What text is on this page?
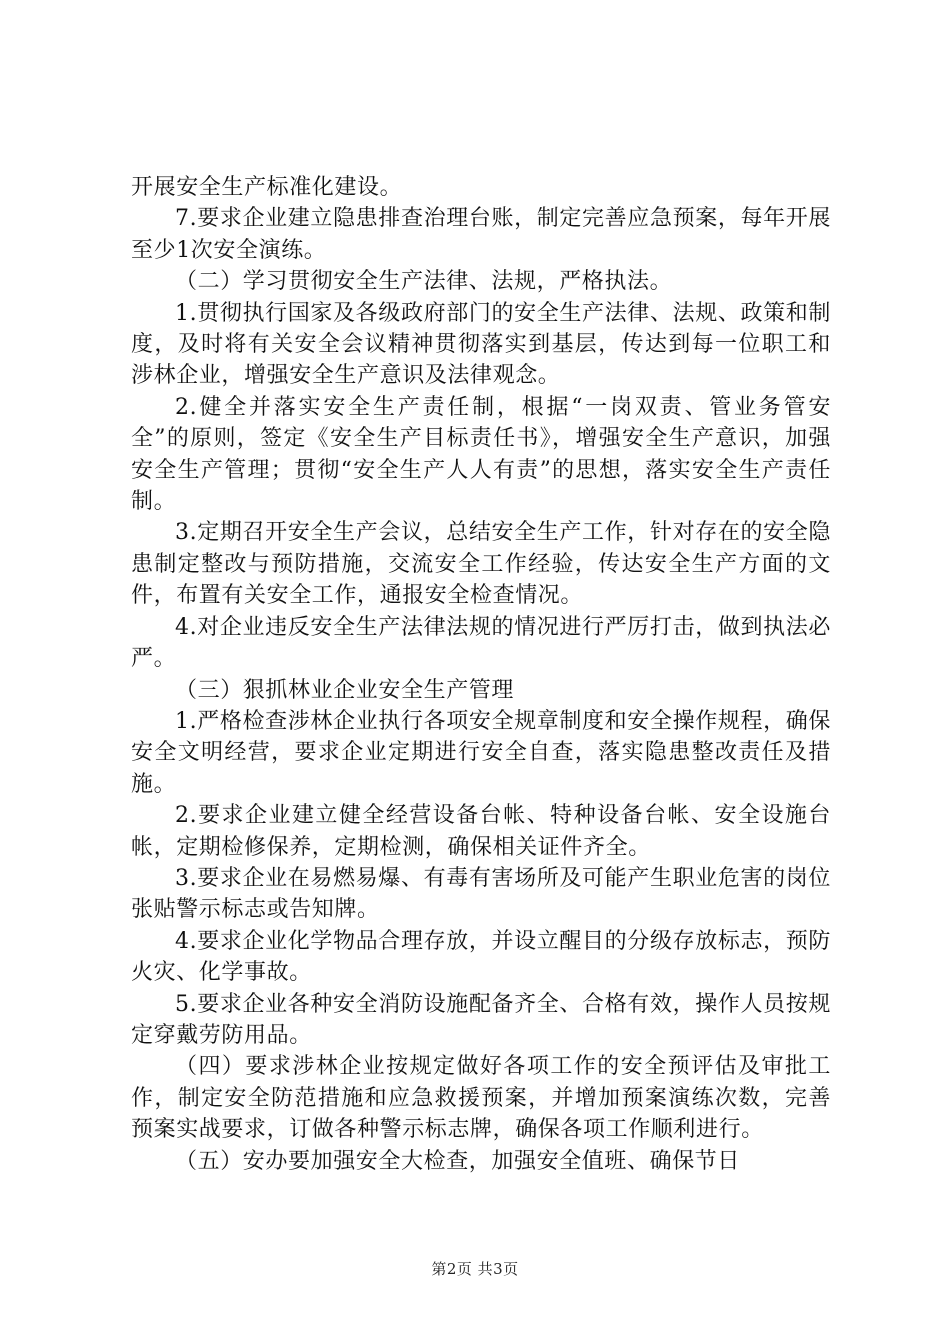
开展安全生产标准化建设。

7.要求企业建立隐患排查治理台账，制定完善应急预案，每年开展至少1次安全演练。

（二）学习贯彻安全生产法律、法规，严格执法。

1.贯彻执行国家及各级政府部门的安全生产法律、法规、政策和制度，及时将有关安全会议精神贯彻落实到基层，传达到每一位职工和涉林企业，增强安全生产意识及法律观念。

2.健全并落实安全生产责任制，根据“一岗双责、管业务管安全”的原则，签定《安全生产目标责任书》，增强安全生产意识，加强安全生产管理；贯彻“安全生产人人有责”的思想，落实安全生产责任制。

3.定期召开安全生产会议，总结安全生产工作，针对存在的安全隐患制定整改与预防措施，交流安全工作经验，传达安全生产方面的文件，布置有关安全工作，通报安全检查情况。

4.对企业违反安全生产法律法规的情况进行严厉打击，做到执法必严。

（三）狠抓林业企业安全生产管理

1.严格检查涉林企业执行各项安全规章制度和安全操作规程，确保安全文明经营，要求企业定期进行安全自查，落实隐患整改责任及措施。

2.要求企业建立健全经营设备台帐、特种设备台帐、安全设施台帐，定期检修保养，定期检测，确保相关证件齐全。

3.要求企业在易燃易爆、有毒有害场所及可能产生职业危害的岗位张贴警示标志或告知牌。

4.要求企业化学物品合理存放，并设立醒目的分级存放标志，预防火灾、化学事故。

5.要求企业各种安全消防设施配备齐全、合格有效，操作人员按规定穿戴劳防用品。

（四）要求涉林企业按规定做好各项工作的安全预评估及审批工作，制定安全防范措施和应急救援预案，并增加预案演练次数，完善预案实战要求，订做各种警示标志牌，确保各项工作顺利进行。

（五）安办要加强安全大检查，加强安全值班、确保节日

第2页 共3页
